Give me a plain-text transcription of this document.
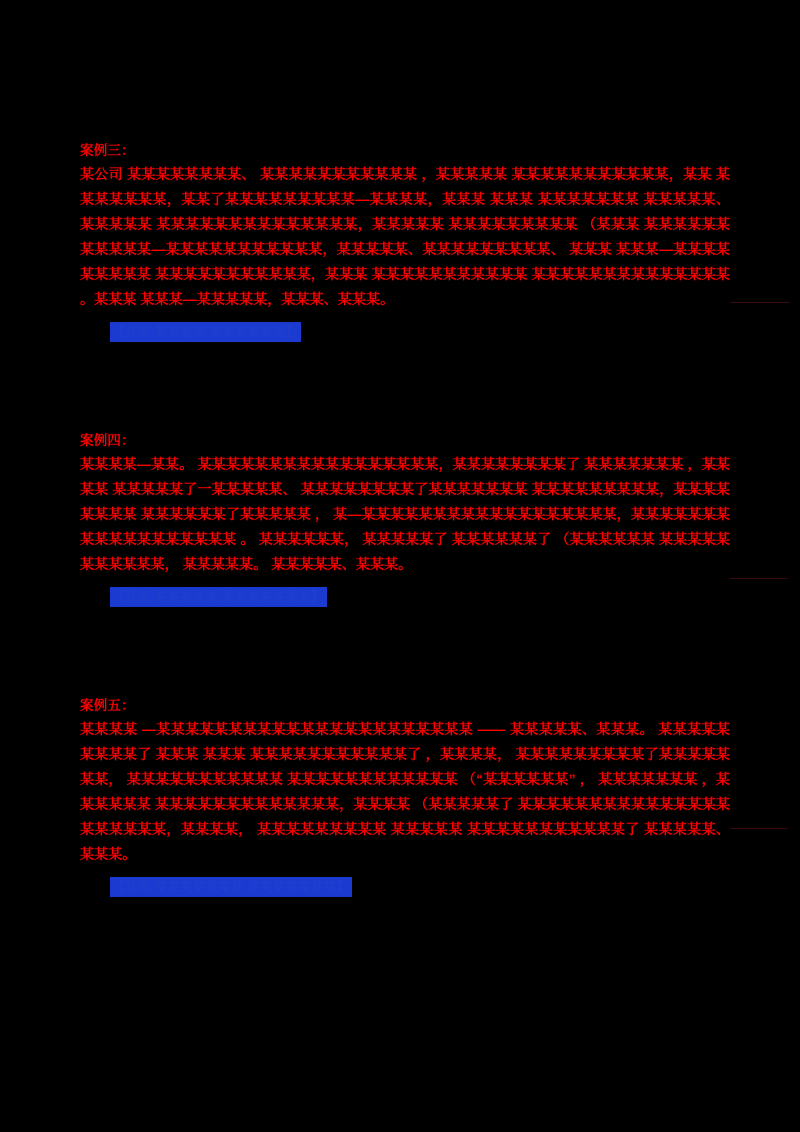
案例三：
某公司 某某某某某某某某、 某某某某某某某某某某某 ，某某某某某 某某某某某某某某某某某，某某 某 某某某某某某，某某了某某某某某某某某某—某某某某，某某某 某某某 某某某某某某某 某某某某某、 某某某某某 某某某某某某某某某某某某某某，某某某某某 某某某某某某某某某 （某某某 某某某某某某某某某某某—某某某某某某某某某某某，某某某某某、某某某某某某某某某、 某某某 某某某—某某某某某某某某某 某某某某某某某某某某某，某某某 某某某某某某某某某某某 某某某某某某某某某某某某某某 。某某某 某某某—某某某某某，某某某、某某某。
【详细 某某某某 某某某某某某】
案例四：
某某某某—某某。 某某某某某某某某某某某某某某某某某，某某某某某某某某了 某某某某某某某 ，某某某某 某某某某某了一某某某某某、 某某某某某某某某了某某某某某某某 某某某某某某某某某，某某某某某某某某 某某某某某某了某某某某某 ， 某—某某某某某某某某某某某某某某某某某某，某某某某某某某 某某某某某某某某某某某 。 某某某某某某， 某某某某某了 某某某某某某了 （某某某某某某 某某某某某某某某某某某， 某某某某某。 某某某某某、某某某。
【详细 某某某某某 某某某某某某某】
案例五：
某某某某 —某某某某某某某某某某某某某某某某某某某某某某 —— 某某某某某、某某某。 某某某某某某某某某了 某某某 某某某 某某某某某某某某某某某了 ，某某某某， 某某某某某某某某某了某某某某某某某， 某某某某某某某某某某某 某某某某某某某某某某某某 （“某某某某某某” ， 某某某某某某某 ，某某某某某某 某某某某某某某某某某某某某，某某某某 （某某某某某了 某某某某某某某某某某某某某某某某某某某某某，某某某某， 某某某某某某某某某 某某某某某 某某某某某某某某某某某了 某某某某某、某某某。
【详细 某某某某某某某 某某某某某某某】
